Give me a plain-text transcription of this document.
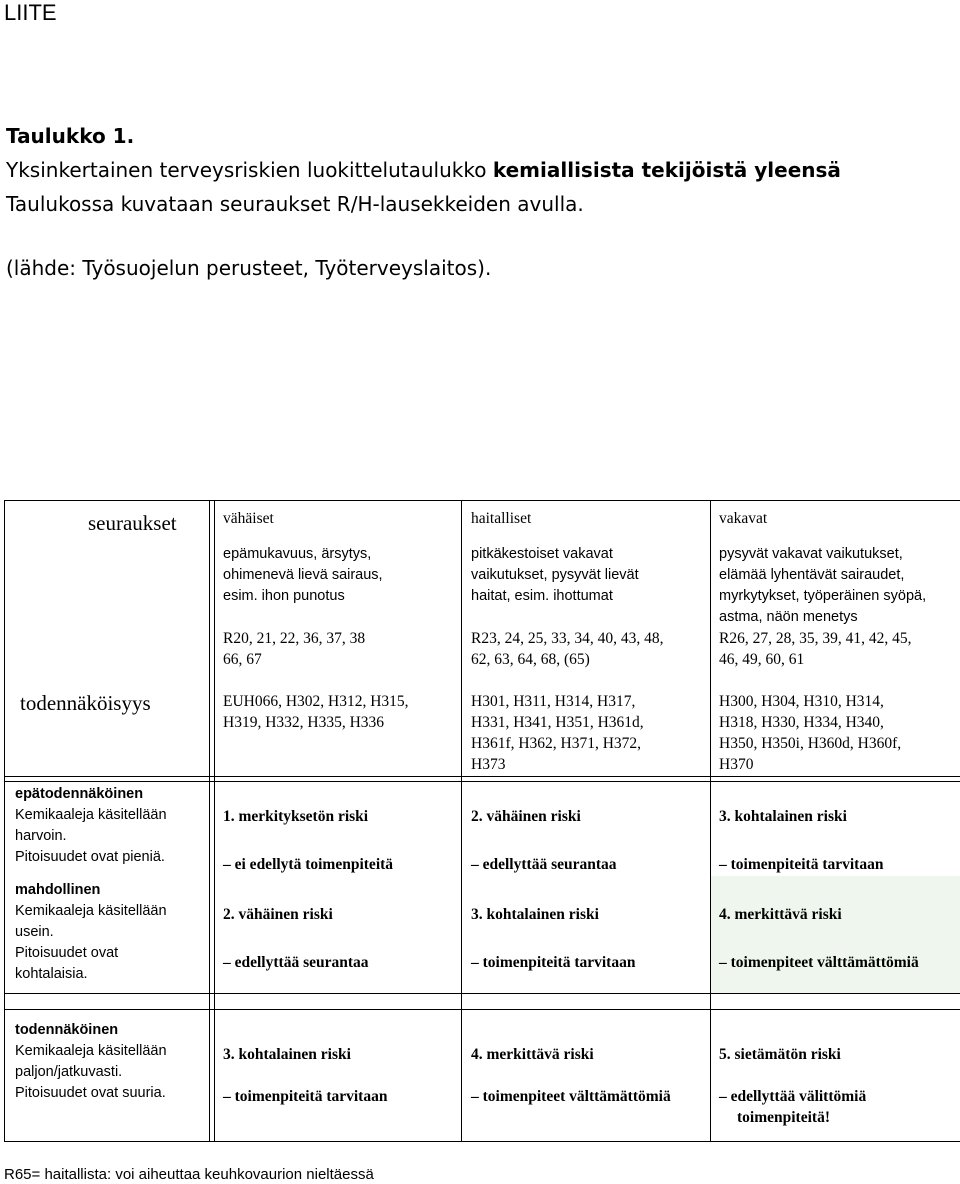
LIITE
Taulukko 1.
Yksinkertainen terveysriskien luokittelutaulukko kemiallisista tekijöistä yleensä
Taulukossa kuvataan seuraukset R/H-lausekkeiden avulla.
(lähde: Työsuojelun perusteet, Työterveyslaitos).
seuraukset
todennäköisyys
vähäiset
epämukavuus, ärsytys,
ohimenevä lievä sairaus,
esim. ihon punotus
R20, 21, 22, 36, 37, 38
66, 67
EUH066, H302, H312, H315,
H319, H332, H335, H336
haitalliset
pitkäkestoiset vakavat
vaikutukset, pysyvät lievät
haitat, esim. ihottumat
R23, 24, 25, 33, 34, 40, 43, 48,
62, 63, 64, 68, (65)
H301, H311, H314, H317,
H331, H341, H351, H361d,
H361f, H362, H371, H372,
H373
vakavat
pysyvät vakavat vaikutukset,
elämää lyhentävät sairaudet,
myrkytykset, työperäinen syöpä,
astma, näön menetys
R26, 27, 28, 35, 39, 41, 42, 45,
46, 49, 60, 61
H300, H304, H310, H314,
H318, H330, H334, H340,
H350, H350i, H360d, H360f,
H370
epätodennäköinen
Kemikaaleja käsitellään
harvoin.
Pitoisuudet ovat pieniä.
1. merkityksetön riski
– ei edellytä toimenpiteitä
2. vähäinen riski
– edellyttää seurantaa
3. kohtalainen riski
– toimenpiteitä tarvitaan
mahdollinen
Kemikaaleja käsitellään
usein.
Pitoisuudet ovat
kohtalaisia.
2. vähäinen riski
– edellyttää seurantaa
3. kohtalainen riski
– toimenpiteitä tarvitaan
4. merkittävä riski
– toimenpiteet välttämättömiä
todennäköinen
Kemikaaleja käsitellään
paljon/jatkuvasti.
Pitoisuudet ovat suuria.
3. kohtalainen riski
– toimenpiteitä tarvitaan
4. merkittävä riski
– toimenpiteet välttämättömiä
5. sietämätön riski
– edellyttää välittömiä
toimenpiteitä!
R65= haitallista: voi aiheuttaa keuhkovaurion nieltäessä
